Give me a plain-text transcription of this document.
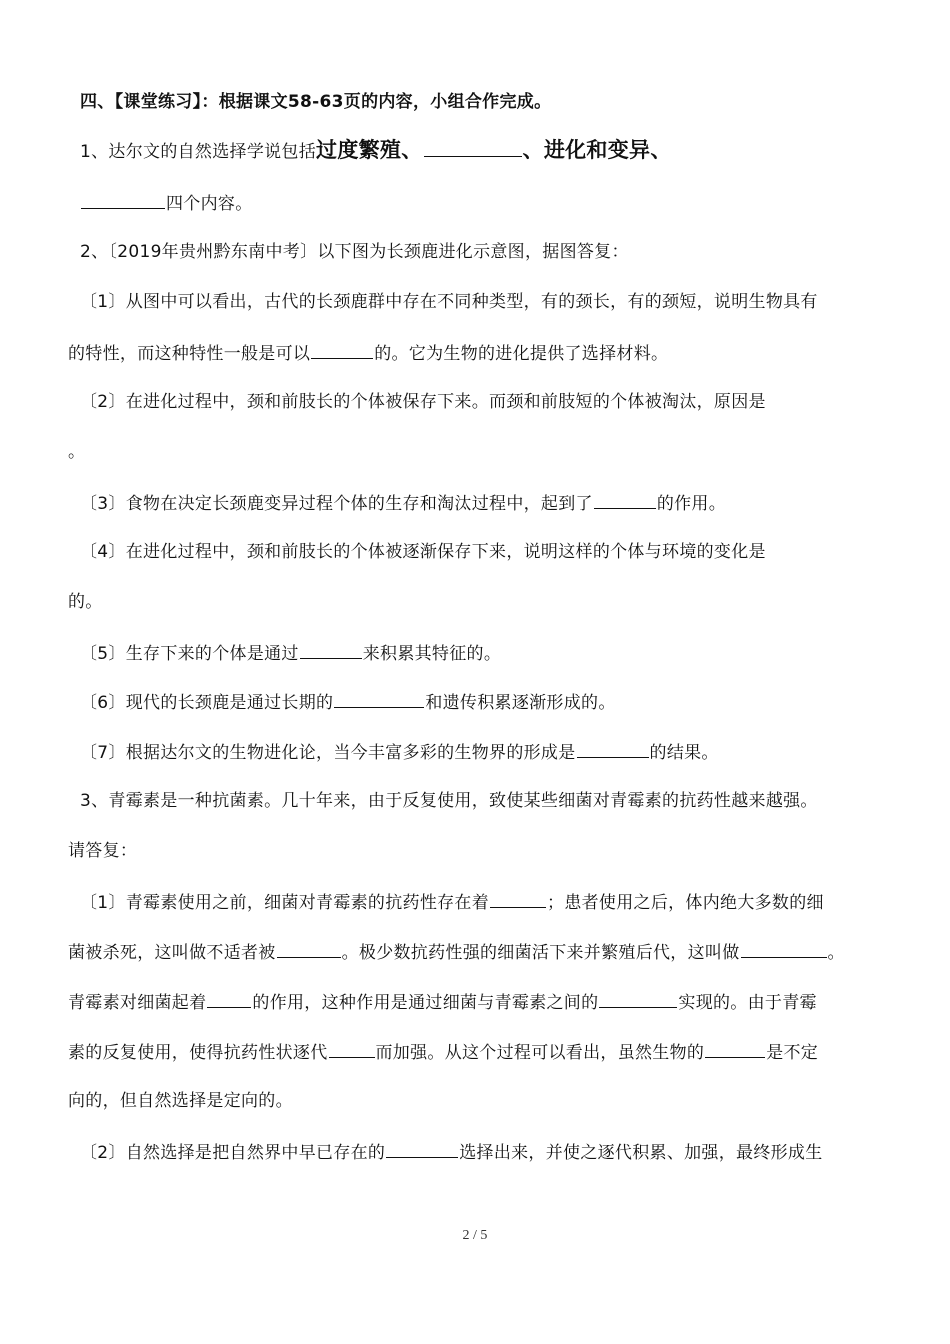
四、【课堂练习】：根据课文58-63页的内容，小组合作完成。
1、达尔文的自然选择学说包括过度繁殖、	、进化和变异、
四个内容。
2、〔2019年贵州黔东南中考〕以下图为长颈鹿进化示意图，据图答复：
〔1〕从图中可以看出，古代的长颈鹿群中存在不同种类型，有的颈长，有的颈短，说明生物具有
的特性，而这种特性一般是可以	的。它为生物的进化提供了选择材料。
〔2〕在进化过程中，颈和前肢长的个体被保存下来。而颈和前肢短的个体被淘汰，原因是
。
〔3〕食物在决定长颈鹿变异过程个体的生存和淘汰过程中，起到了	的作用。
〔4〕在进化过程中，颈和前肢长的个体被逐渐保存下来，说明这样的个体与环境的变化是
的。
〔5〕生存下来的个体是通过	来积累其特征的。
〔6〕现代的长颈鹿是通过长期的	和遗传积累逐渐形成的。
〔7〕根据达尔文的生物进化论，当今丰富多彩的生物界的形成是	的结果。
3、青霉素是一种抗菌素。几十年来，由于反复使用，致使某些细菌对青霉素的抗药性越来越强。
请答复：
〔1〕青霉素使用之前，细菌对青霉素的抗药性存在着	；患者使用之后，体内绝大多数的细
菌被杀死，这叫做不适者被	。极少数抗药性强的细菌活下来并繁殖后代，这叫做	。
青霉素对细菌起着	的作用，这种作用是通过细菌与青霉素之间的	实现的。由于青霉
素的反复使用，使得抗药性状逐代	而加强。从这个过程可以看出，虽然生物的	是不定
向的，但自然选择是定向的。
〔2〕自然选择是把自然界中早已存在的	选择出来，并使之逐代积累、加强，最终形成生
2 / 5
